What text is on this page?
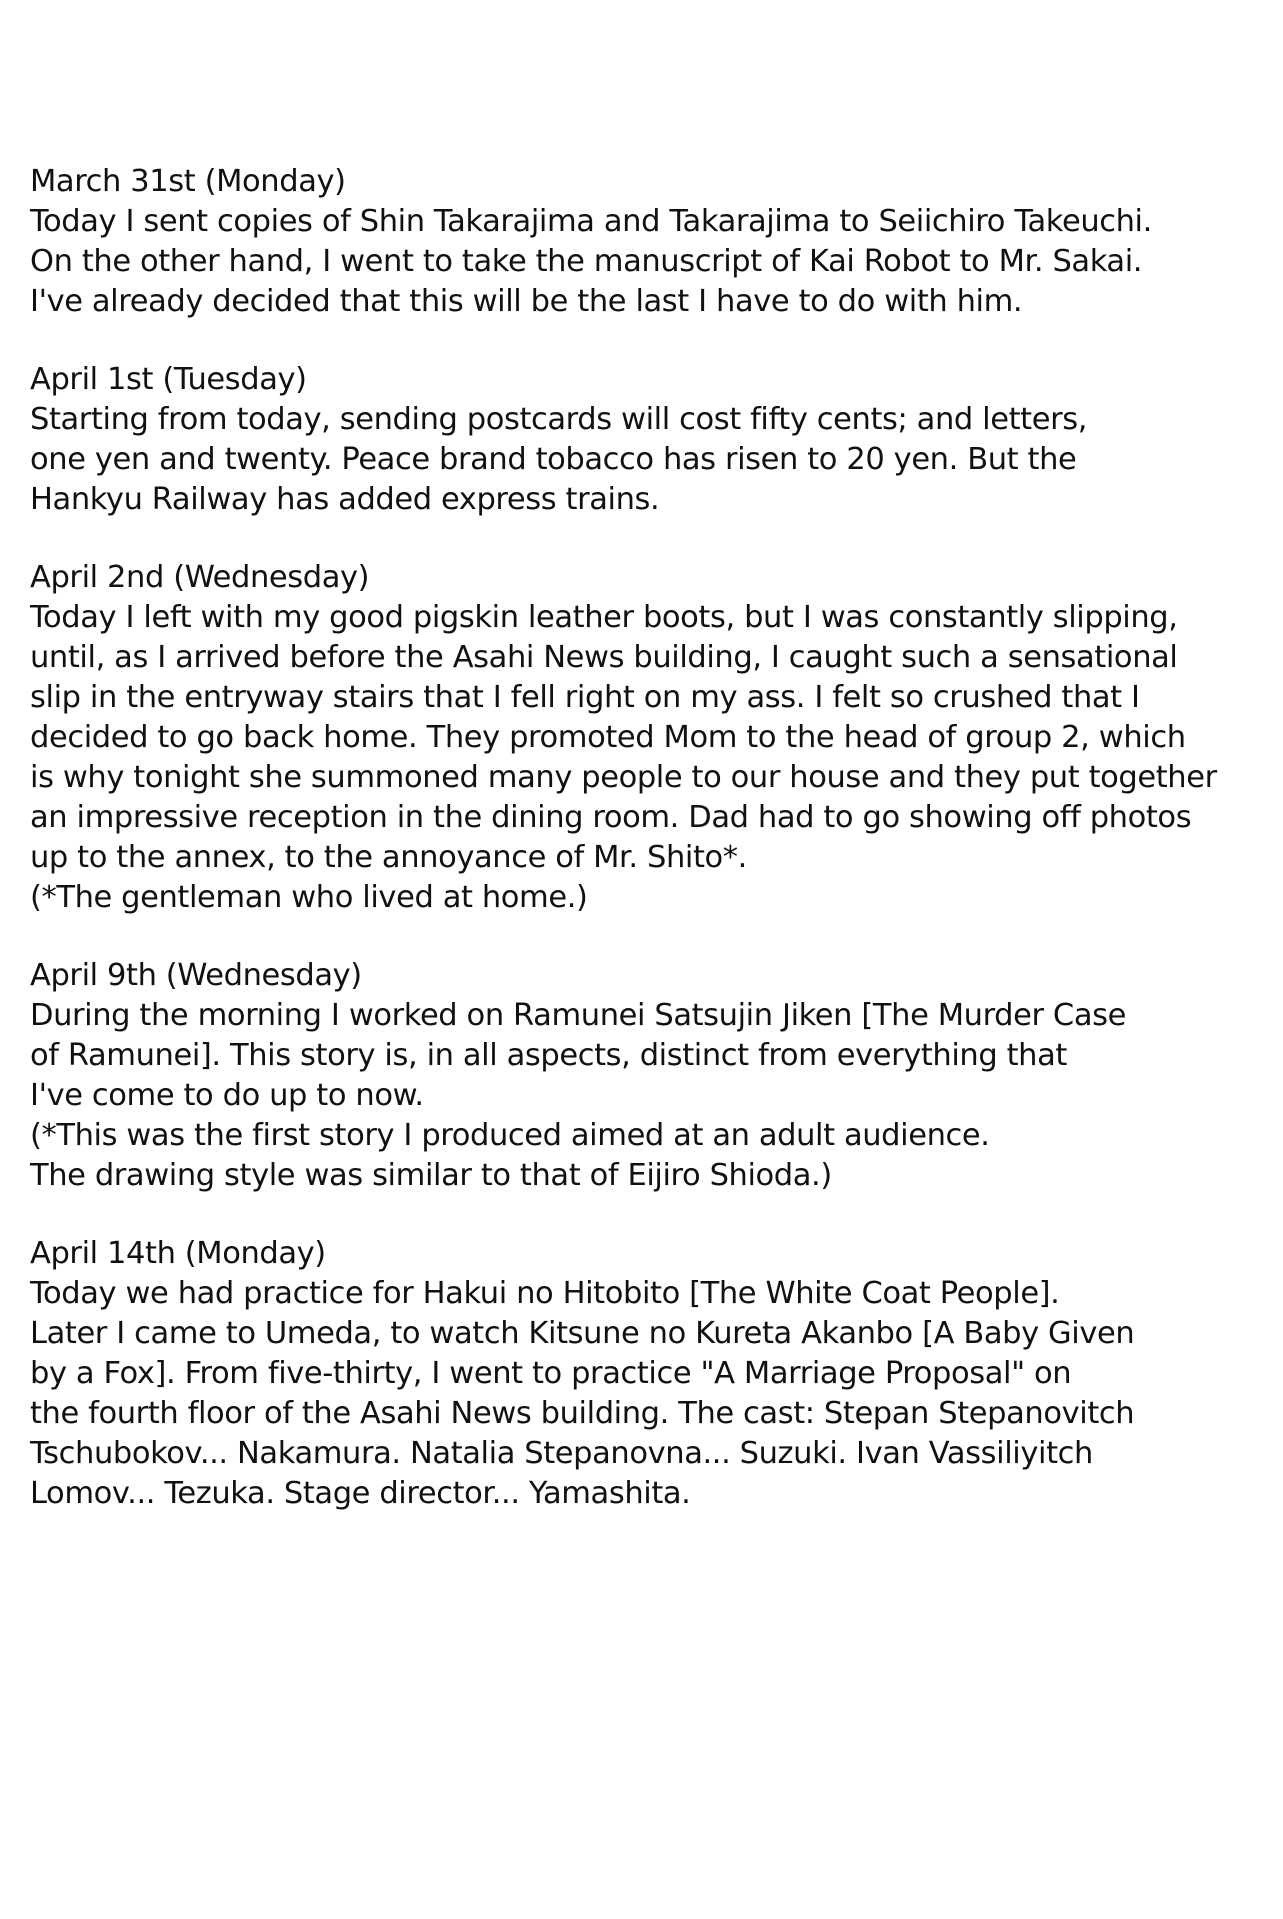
March 31st (Monday)
Today I sent copies of Shin Takarajima and Takarajima to Seiichiro Takeuchi.
On the other hand, I went to take the manuscript of Kai Robot to Mr. Sakai.
I've already decided that this will be the last I have to do with him.
April 1st (Tuesday)
Starting from today, sending postcards will cost fifty cents; and letters,
one yen and twenty. Peace brand tobacco has risen to 20 yen. But the
Hankyu Railway has added express trains.
April 2nd (Wednesday)
Today I left with my good pigskin leather boots, but I was constantly slipping,
until, as I arrived before the Asahi News building, I caught such a sensational
slip in the entryway stairs that I fell right on my ass. I felt so crushed that I
decided to go back home. They promoted Mom to the head of group 2, which
is why tonight she summoned many people to our house and they put together
an impressive reception in the dining room. Dad had to go showing off photos
up to the annex, to the annoyance of Mr. Shito*.
(*The gentleman who lived at home.)
April 9th (Wednesday)
During the morning I worked on Ramunei Satsujin Jiken [The Murder Case
of Ramunei]. This story is, in all aspects, distinct from everything that
I've come to do up to now.
(*This was the first story I produced aimed at an adult audience.
The drawing style was similar to that of Eijiro Shioda.)
April 14th (Monday)
Today we had practice for Hakui no Hitobito [The White Coat People].
Later I came to Umeda, to watch Kitsune no Kureta Akanbo [A Baby Given
by a Fox]. From five-thirty, I went to practice "A Marriage Proposal" on
the fourth floor of the Asahi News building. The cast: Stepan Stepanovitch
Tschubokov... Nakamura. Natalia Stepanovna... Suzuki. Ivan Vassiliyitch
Lomov... Tezuka. Stage director... Yamashita.
